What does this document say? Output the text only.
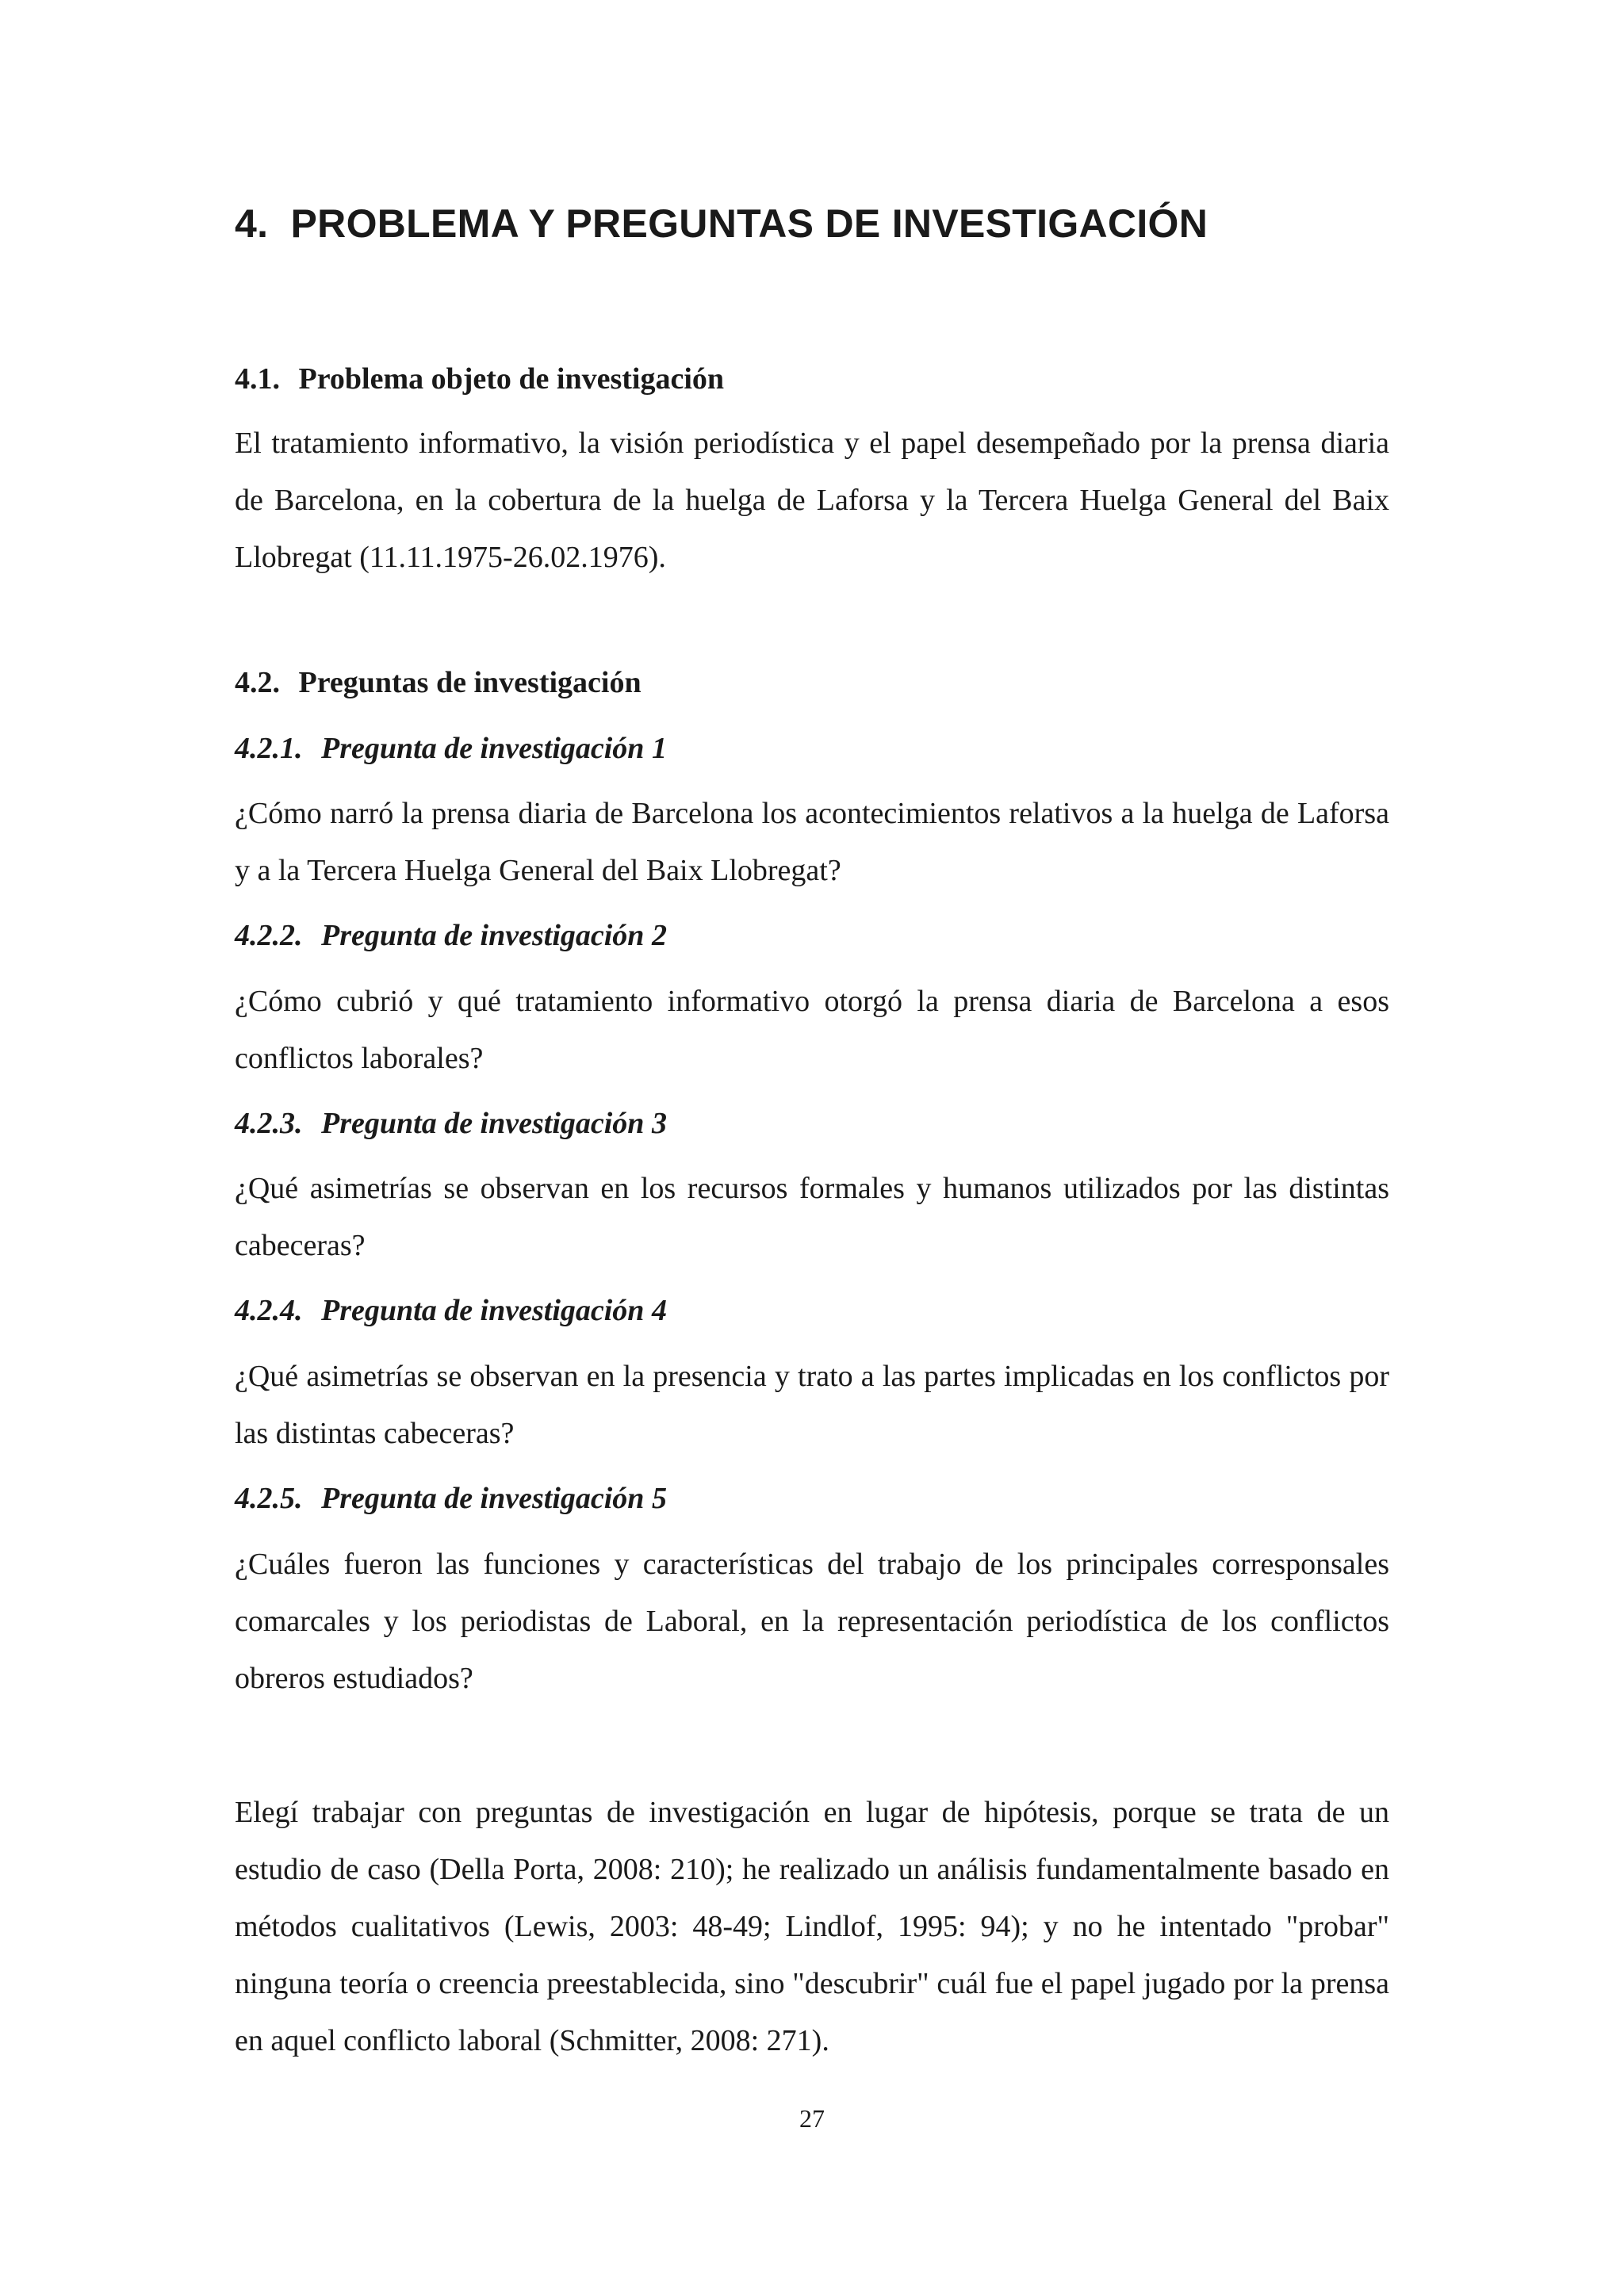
4. PROBLEMA Y PREGUNTAS DE INVESTIGACIÓN
4.1. Problema objeto de investigación

El tratamiento informativo, la visión periodística y el papel desempeñado por la prensa diaria de Barcelona, en la cobertura de la huelga de Laforsa y la Tercera Huelga General del Baix Llobregat (11.11.1975-26.02.1976).

4.2. Preguntas de investigación
4.2.1. Pregunta de investigación 1

¿Cómo narró la prensa diaria de Barcelona los acontecimientos relativos a la huelga de Laforsa y a la Tercera Huelga General del Baix Llobregat?

4.2.2. Pregunta de investigación 2

¿Cómo cubrió y qué tratamiento informativo otorgó la prensa diaria de Barcelona a esos conflictos laborales?

4.2.3. Pregunta de investigación 3

¿Qué asimetrías se observan en los recursos formales y humanos utilizados por las distintas cabeceras?

4.2.4. Pregunta de investigación 4

¿Qué asimetrías se observan en la presencia y trato a las partes implicadas en los conflictos por las distintas cabeceras?

4.2.5. Pregunta de investigación 5

¿Cuáles fueron las funciones y características del trabajo de los principales corresponsales comarcales y los periodistas de Laboral, en la representación periodística de los conflictos obreros estudiados?

Elegí trabajar con preguntas de investigación en lugar de hipótesis, porque se trata de un estudio de caso (Della Porta, 2008: 210); he realizado un análisis fundamentalmente basado en métodos cualitativos (Lewis, 2003: 48-49; Lindlof, 1995: 94); y no he intentado "probar" ninguna teoría o creencia preestablecida, sino "descubrir" cuál fue el papel jugado por la prensa en aquel conflicto laboral (Schmitter, 2008: 271).

27
